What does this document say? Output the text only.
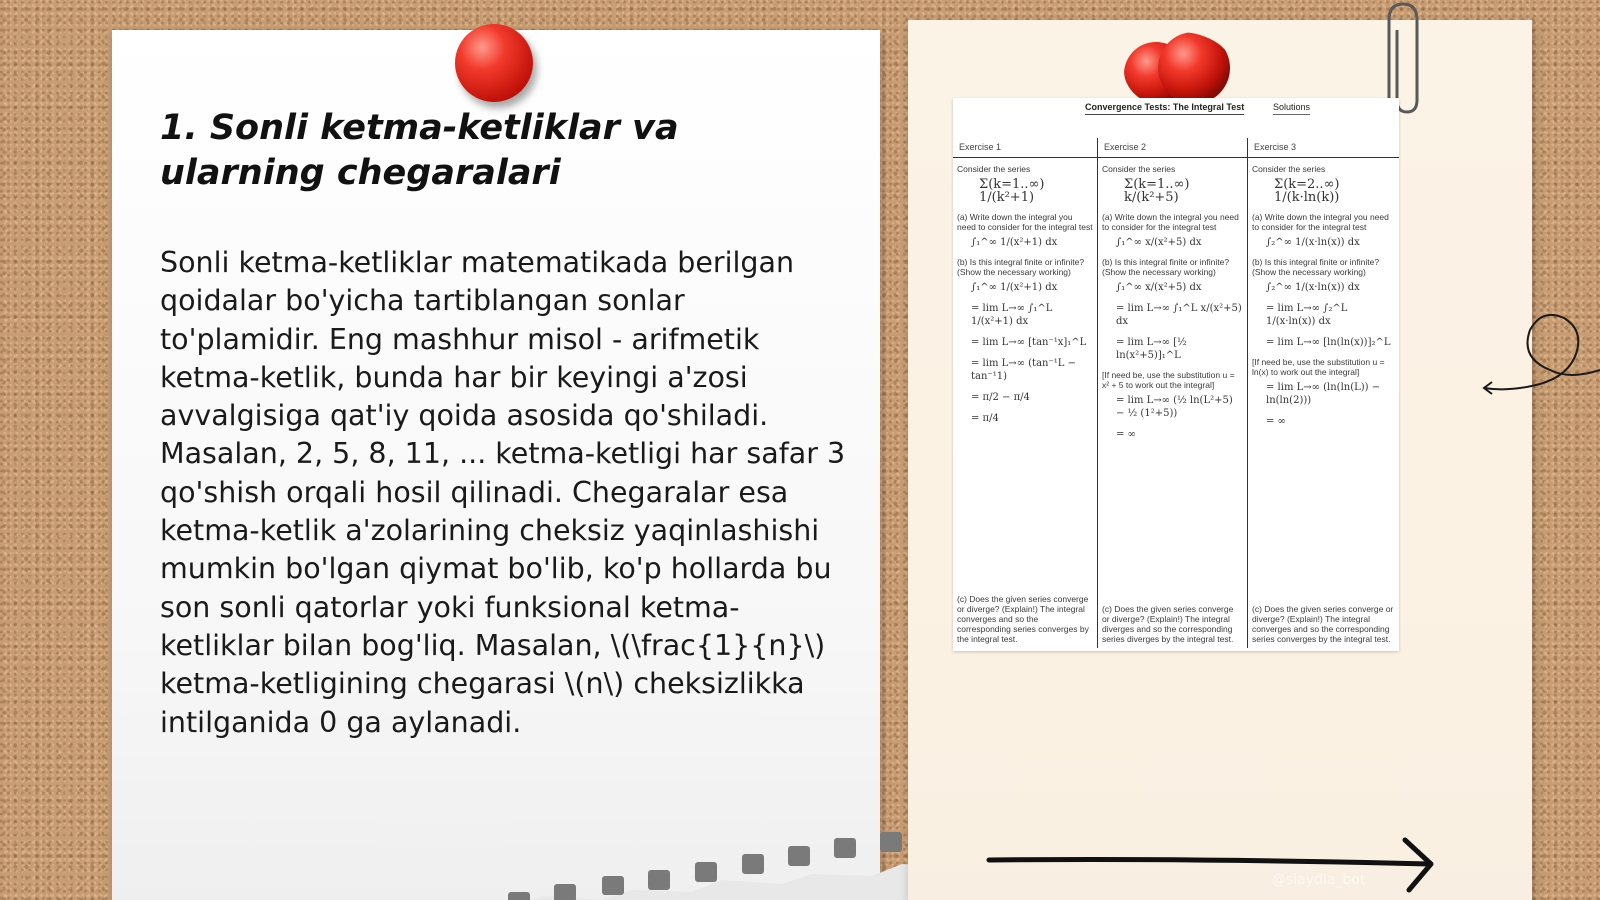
1. Sonli ketma-ketliklar va ularning chegaralari

Sonli ketma-ketliklar matematikada berilgan qoidalar bo'yicha tartiblangan sonlar to'plamidir. Eng mashhur misol - arifmetik ketma-ketlik, bunda har bir keyingi a'zosi avvalgisiga qat'iy qoida asosida qo'shiladi. Masalan, 2, 5, 8, 11, ... ketma-ketligi har safar 3 qo'shish orqali hosil qilinadi. Chegaralar esa ketma-ketlik a'zolarining cheksiz yaqinlashishi mumkin bo'lgan qiymat bo'lib, ko'p hollarda bu son sonli qatorlar yoki funksional ketma-ketliklar bilan bog'liq. Masalan, \(\frac{1}{n}\) ketma-ketligining chegarasi \(n\) cheksizlikka intilganida 0 ga aylanadi.

Convergence Tests: The Integral Test	Solutions
Exercise 1

Consider the series

Σ(k=1..∞) 1/(k²+1)

(a) Write down the integral you need to consider for the integral test

∫₁^∞ 1/(x²+1) dx

(b) Is this integral finite or infinite? (Show the necessary working)

∫₁^∞ 1/(x²+1) dx
= lim L→∞ ∫₁^L 1/(x²+1) dx
= lim L→∞ [tan⁻¹x]₁^L
= lim L→∞ (tan⁻¹L − tan⁻¹1)
= π/2 − π/4
= π/4

(c) Does the given series converge or diverge? (Explain!) The integral converges and so the corresponding series converges by the integral test.

Exercise 2

Consider the series

Σ(k=1..∞) k/(k²+5)

(a) Write down the integral you need to consider for the integral test

∫₁^∞ x/(x²+5) dx

(b) Is this integral finite or infinite? (Show the necessary working)

∫₁^∞ x/(x²+5) dx
= lim L→∞ ∫₁^L x/(x²+5) dx
= lim L→∞ [½ ln(x²+5)]₁^L

[If need be, use the substitution u = x² + 5 to work out the integral]

= lim L→∞ (½ ln(L²+5) − ½ (1²+5))
= ∞

(c) Does the given series converge or diverge? (Explain!) The integral diverges and so the corresponding series diverges by the integral test.

Exercise 3

Consider the series

Σ(k=2..∞) 1/(k·ln(k))

(a) Write down the integral you need to consider for the integral test

∫₂^∞ 1/(x·ln(x)) dx

(b) Is this integral finite or infinite? (Show the necessary working)

∫₂^∞ 1/(x·ln(x)) dx
= lim L→∞ ∫₂^L 1/(x·ln(x)) dx
= lim L→∞ [ln(ln(x))]₂^L

[If need be, use the substitution u = ln(x) to work out the integral]

= lim L→∞ (ln(ln(L)) − ln(ln(2)))
= ∞

(c) Does the given series converge or diverge? (Explain!) The integral converges and so the corresponding series converges by the integral test.

@slaydla_bot
